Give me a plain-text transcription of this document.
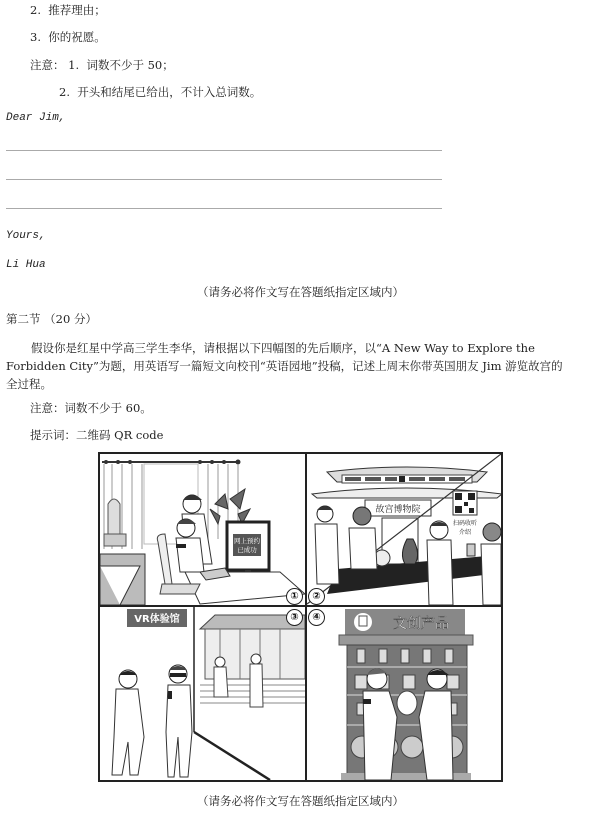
2. 推荐理由；
3. 你的祝愿。
注意： 1. 词数不少于 50；
2. 开头和结尾已给出，不计入总词数。
Dear Jim,
Yours,
Li Hua
（请务必将作文写在答题纸指定区域内）
第二节 （20 分）
假设你是红星中学高三学生李华，请根据以下四幅图的先后顺序，以“A New Way to Explore the
Forbidden City”为题，用英语写一篇短文向校刊“英语园地”投稿，记述上周末你带英国朋友 Jim 游览故宫的
全过程。
注意：词数不少于 60。
提示词：二维码 QR code
网上预约
已成功
①
故宫博物院
扫码收听
介绍
②
VR体验馆	③	文创产品
④
（请务必将作文写在答题纸指定区域内）
